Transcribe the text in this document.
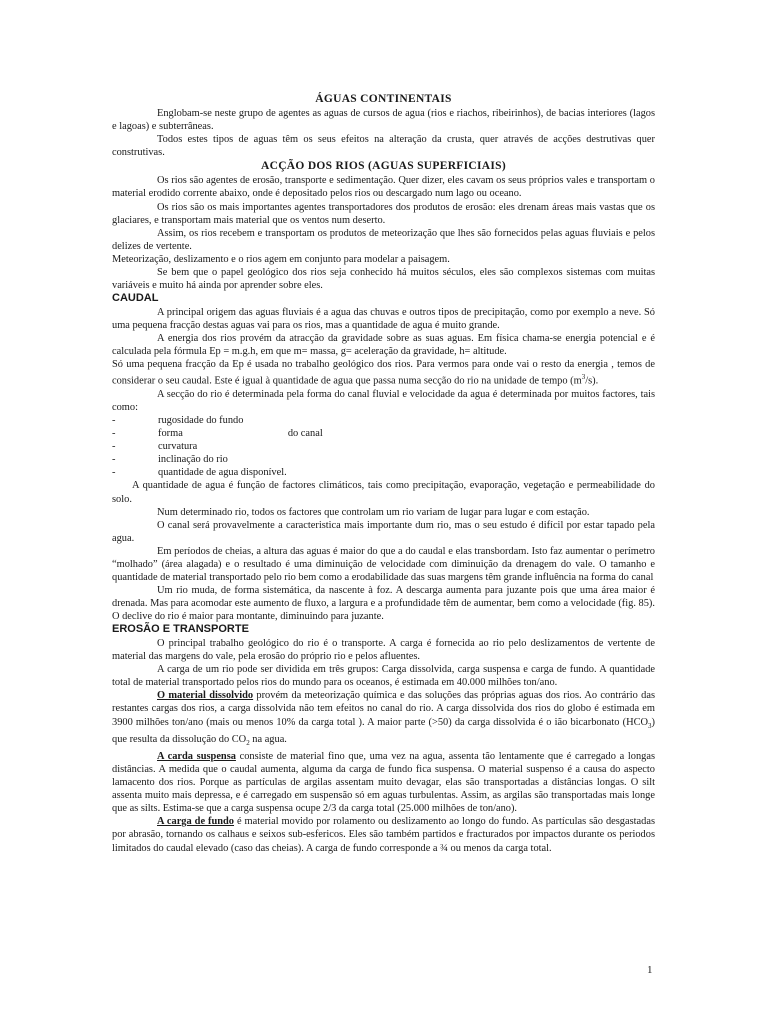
ÁGUAS CONTINENTAIS

Englobam-se neste grupo de agentes as aguas de cursos de agua (rios e riachos, ribeirinhos), de bacias interiores (lagos e lagoas) e subterrâneas.

Todos estes tipos de aguas têm os seus efeitos na alteração da crusta, quer através de acções destrutivas quer construtivas.

ACÇÃO DOS RIOS (AGUAS SUPERFICIAIS)

Os rios são agentes de erosão, transporte e sedimentação. Quer dizer, eles cavam os seus próprios vales e transportam o material erodido corrente abaixo, onde é depositado pelos rios ou descargado num lago ou oceano.

Os rios são os mais importantes agentes transportadores dos produtos de erosão: eles drenam áreas mais vastas que os glaciares, e transportam mais material que os ventos num deserto.

Assim, os rios recebem e transportam os produtos de meteorização que lhes são fornecidos pelas aguas fluviais e pelos delizes de vertente.

Meteorização, deslizamento e o rios agem em conjunto para modelar a paisagem.

Se bem que o papel geológico dos rios seja conhecido há muitos séculos, eles são complexos sistemas com muitas variáveis e muito há ainda por aprender sobre eles.

CAUDAL

A principal origem das aguas fluviais é a agua das chuvas e outros tipos de precipitação, como por exemplo a neve. Só uma pequena fracção destas aguas vai para os rios, mas a quantidade de agua é muito grande.

A energia dos rios provém da atracção da gravidade sobre as suas aguas. Em física chama-se energia potencial e é calculada pela fórmula Ep = m.g.h, em que m= massa, g= aceleração da gravidade, h= altitude.

Só uma pequena fracção da Ep é usada no trabalho geológico dos rios. Para vermos para onde vai o resto da energia , temos de considerar o seu caudal. Este é igual à quantidade de agua que passa numa secção do rio na unidade de tempo $(m^3/s)$.

A secção do rio é determinada pela forma do canal fluvial e velocidade da agua é determinada por muitos factores, tais como:

-	rugosidade do fundo
-	forma	do canal
-	curvatura
-	inclinação do rio
-	quantidade de agua disponível.

A quantidade de agua é função de factores climáticos, tais como precipitação, evaporação, vegetação e permeabilidade do solo.

Num determinado rio, todos os factores que controlam um rio variam de lugar para lugar e com estação.

O canal será provavelmente a caracteristica mais importante dum rio, mas o seu estudo é difícil por estar tapado pela agua.

Em períodos de cheias, a altura das aguas é maior do que a do caudal e elas transbordam. Isto faz aumentar o perímetro “molhado” (área alagada) e o resultado é uma diminuição de velocidade com diminuição da drenagem do vale. O tamanho e quantidade de material transportado pelo rio bem como a erodabilidade das suas margens têm grande influência na forma do canal

Um rio muda, de forma sistemática, da nascente à foz. A descarga aumenta para juzante pois que uma área maior é drenada. Mas para acomodar este aumento de fluxo, a largura e a profundidade têm de aumentar, bem como a velocidade (fig. 85). O declive do rio é maior para montante, diminuindo para juzante.

EROSÃO E TRANSPORTE

O principal trabalho geológico do rio é o transporte. A carga é fornecida ao rio pelo deslizamentos de vertente de material das margens do vale, pela erosão do próprio rio e pelos afluentes.

A carga de um rio pode ser dividida em três grupos: Carga dissolvida, carga suspensa e carga de fundo. A quantidade total de material transportado pelos rios do mundo para os oceanos, é estimada em 40.000 milhões ton/ano.

O material dissolvido provém da meteorização química e das soluções das próprias aguas dos rios. Ao contrário das restantes cargas dos rios, a carga dissolvida não tem efeitos no canal do rio. A carga dissolvida dos rios do globo é estimada em 3900 milhões ton/ano (mais ou menos 10% da carga total ). A maior parte (>50) da carga dissolvida é o ião bicarbonato $(HCO_3)$ que resulta da dissolução do $CO_2$ na agua.

A carda suspensa consiste de material fino que, uma vez na agua, assenta tão lentamente que é carregado a longas distâncias. A medida que o caudal aumenta, alguma da carga de fundo fica suspensa. O material suspenso é a causa do aspecto lamacento dos rios. Porque as partículas de argilas assentam muito devagar, elas são transportadas a distâncias longas. O silt assenta muito mais depressa, e é carregado em suspensão só em aguas turbulentas. Assim, as argilas são transportadas mais longe que as silts. Estima-se que a carga suspensa ocupe 2/3 da carga total (25.000 milhões de ton/ano).

A carga de fundo é material movido por rolamento ou deslizamento ao longo do fundo. As partículas são desgastadas por abrasão, tornando os calhaus e seixos sub-esfericos. Eles são também partidos e fracturados por impactos durante os periodos limitados do caudal elevado (caso das cheias). A carga de fundo corresponde a ¾ ou menos da carga total.

1
